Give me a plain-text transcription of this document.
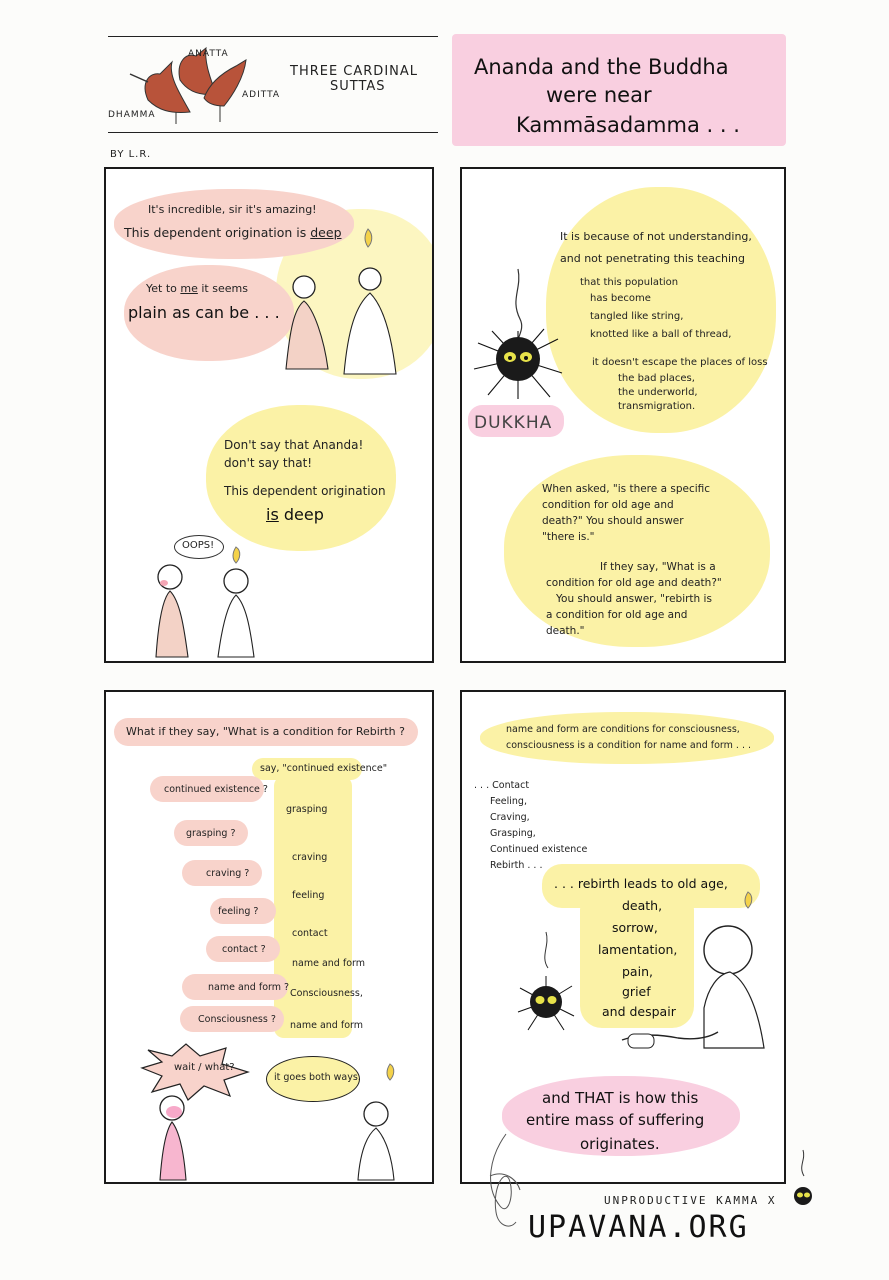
ANATTA
DHAMMA
ADITTA
THREE CARDINAL
SUTTAS
Ananda and the Buddha
were near
Kammāsadamma . . .
BY L.R.
It's incredible, sir it's amazing!
This dependent origination is deep
Yet to me it seems
plain as can be . . .
Don't say that Ananda!
don't say that!
This dependent origination
is deep
OOPS!
It is because of not understanding,
and not penetrating this teaching
that this population
has become
tangled like string,
knotted like a ball of thread,
it doesn't escape the places of loss
the bad places,
the underworld,
transmigration.
DUKKHA
When asked, "is there a specific
condition for old age and
death?" You should answer
"there is."
If they say, "What is a
condition for old age and death?"
You should answer, "rebirth is
a condition for old age and
death."
What if they say, "What is a condition for Rebirth ?
say, "continued existence"
continued existence ?
grasping
grasping ?
craving
craving ?
feeling
feeling ?
contact
contact ?
name and form
name and form ?
Consciousness,
Consciousness ?
name and form
wait / what?
it goes both ways.
name and form are conditions for consciousness,
consciousness is a condition for name and form . . .
. . . Contact
Feeling,
Craving,
Grasping,
Continued existence
Rebirth . . .
. . . rebirth leads to old age,
death,
sorrow,
lamentation,
pain,
grief
and despair
and THAT is how this
entire mass of suffering
originates.
UNPRODUCTIVE KAMMA X
UPAVANA.ORG
